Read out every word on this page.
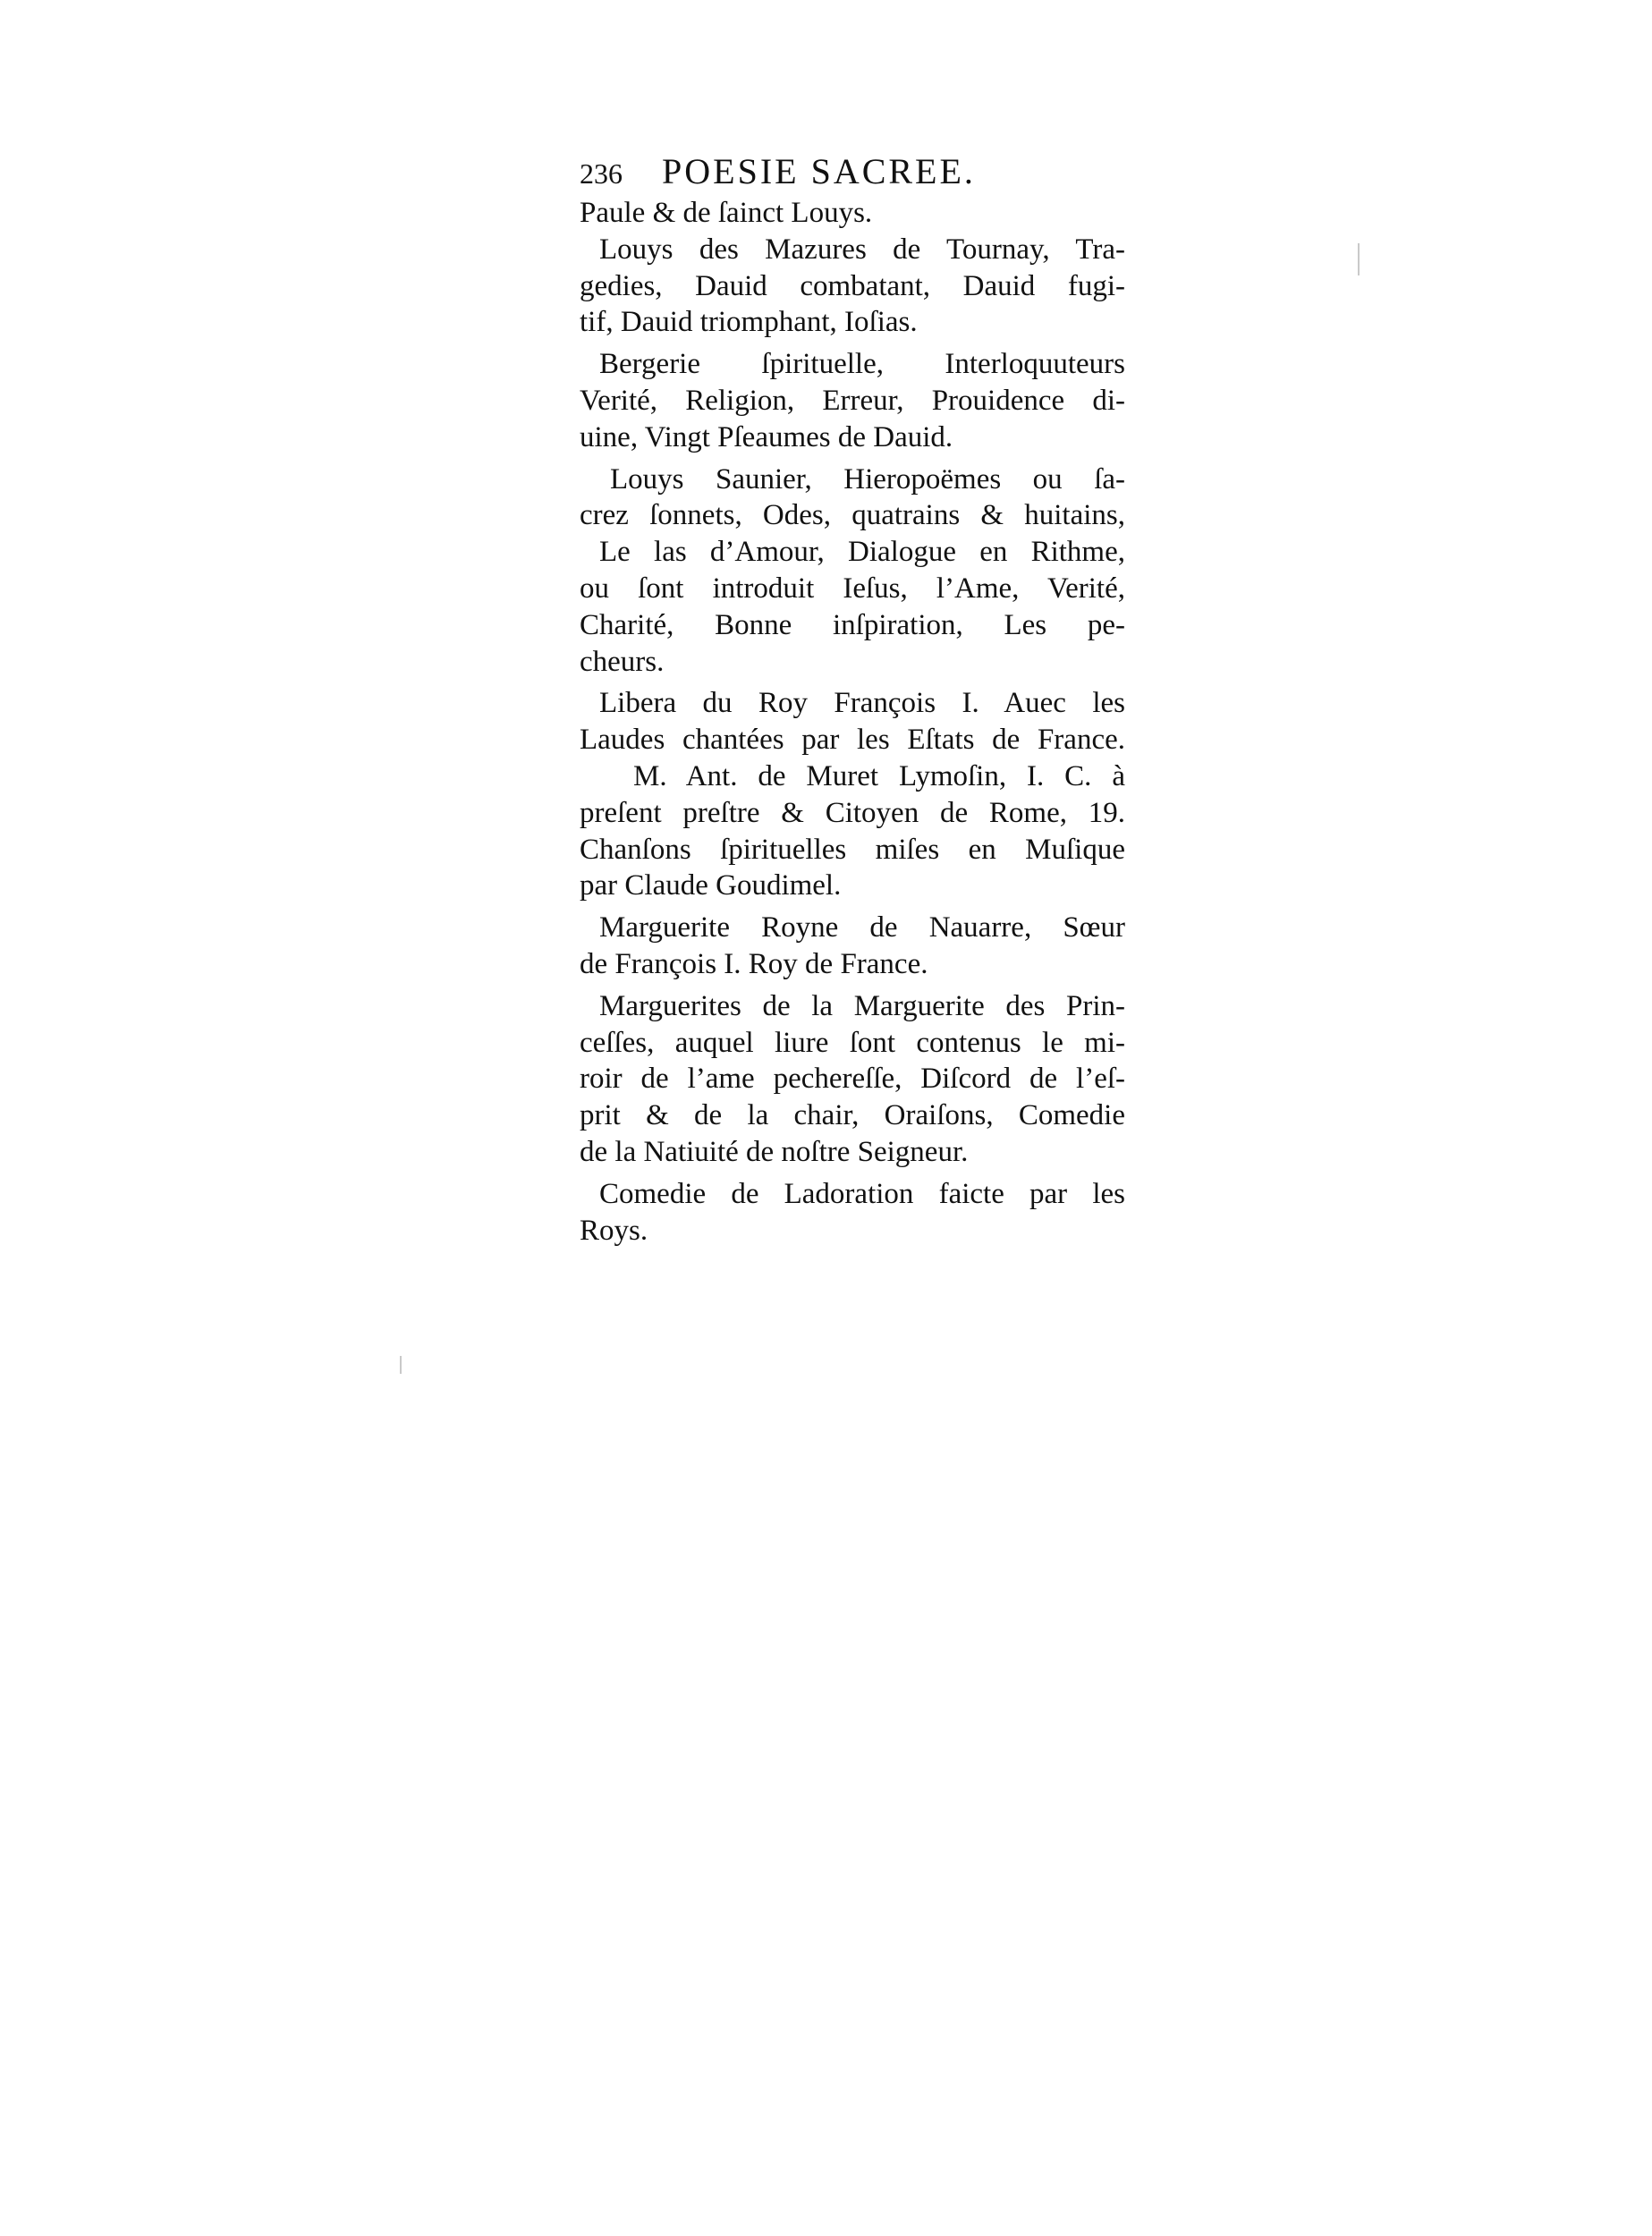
236	POESIE SACREE.
Paule & de ſainct Louys.
Louys des Mazures de Tournay, Tra-
gedies, Dauid combatant, Dauid fugi-
tif, Dauid triomphant, Ioſias.
Bergerie ſpirituelle, Interloquuteurs
Verité, Religion, Erreur, Prouidence di-
uine, Vingt Pſeaumes de Dauid.
Louys Saunier, Hieropoëmes ou ſa-
crez ſonnets, Odes, quatrains & huitains,
Le las d’Amour, Dialogue en Rithme,
ou ſont introduit Ieſus, l’Ame, Verité,
Charité, Bonne inſpiration, Les pe-
cheurs.
Libera du Roy François I. Auec les
Laudes chantées par les Eſtats de France.
M. Ant. de Muret Lymoſin, I. C. à
preſent preſtre & Citoyen de Rome, 19.
Chanſons ſpirituelles miſes en Muſique
par Claude Goudimel.
Marguerite Royne de Nauarre, Sœur
de François I. Roy de France.
Marguerites de la Marguerite des Prin-
ceſſes, auquel liure ſont contenus le mi-
roir de l’ame pechereſſe, Diſcord de l’eſ-
prit & de la chair, Oraiſons, Comedie
de la Natiuité de noſtre Seigneur.
Comedie de Ladoration faicte par les
Roys.
